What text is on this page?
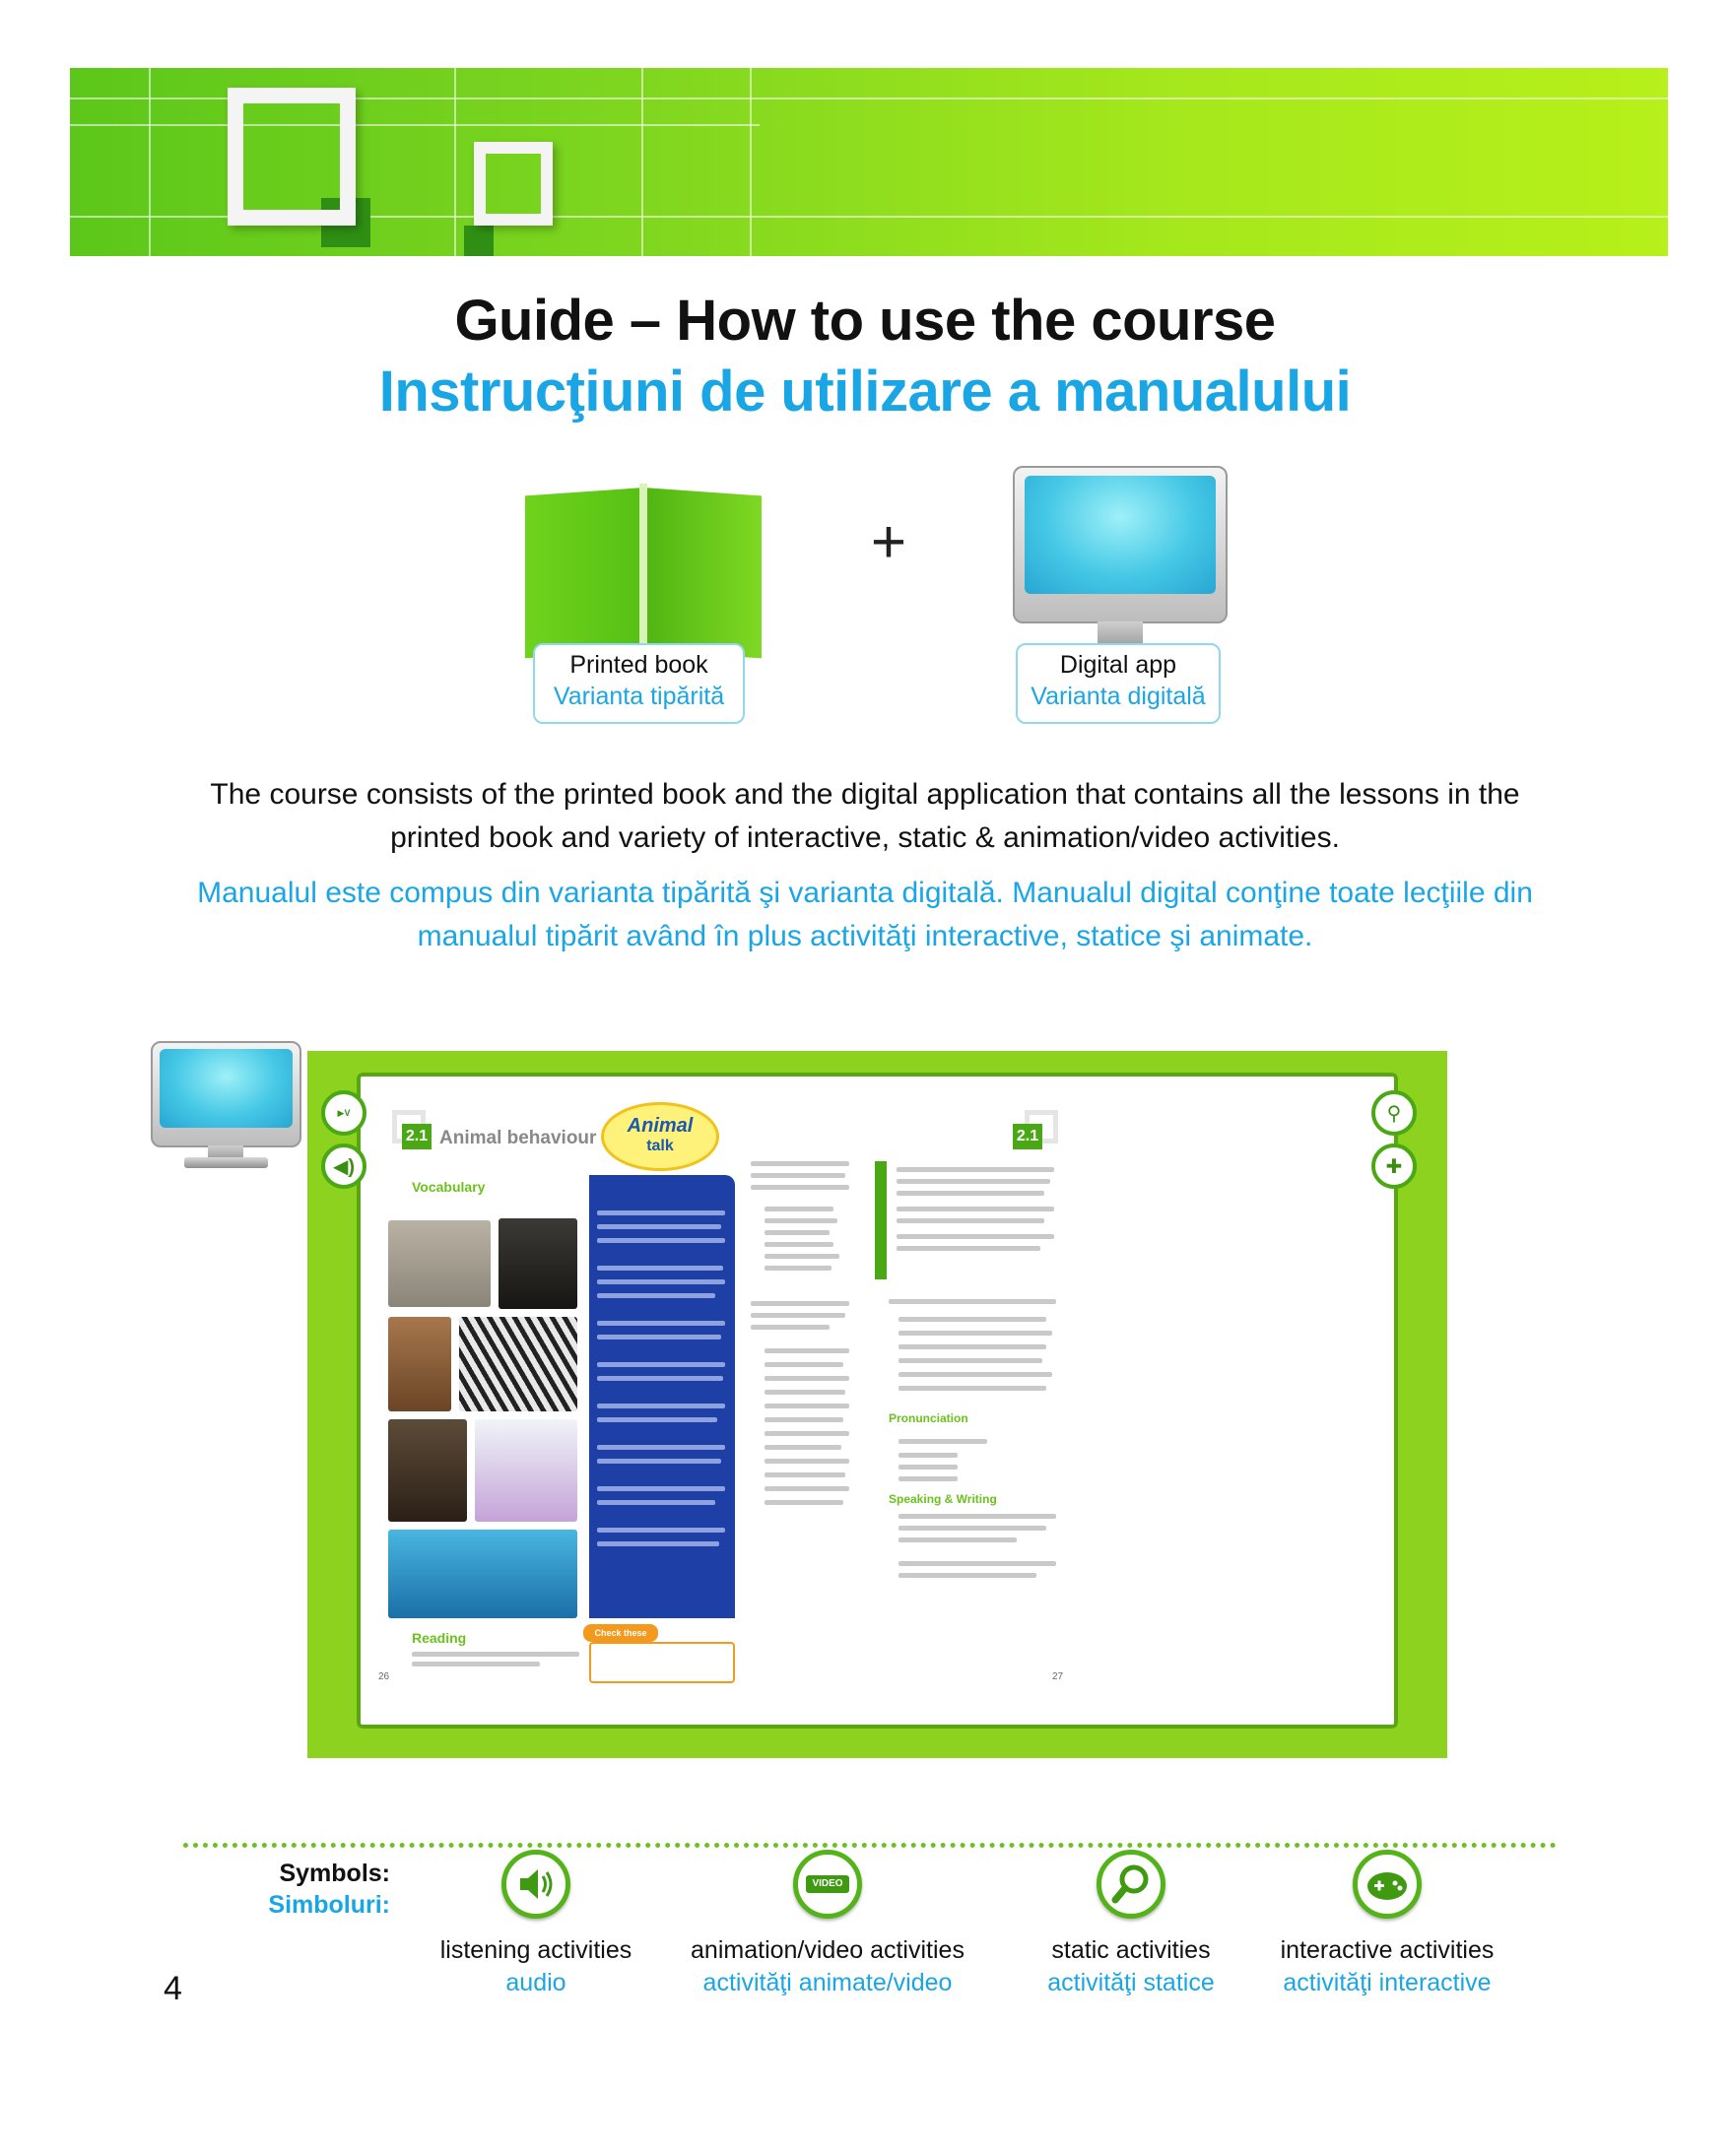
Guide – How to use the course
Instrucţiuni de utilizare a manualului
Printed book
Varianta tipărită
+
Digital app
Varianta digitală
The course consists of the printed book and the digital application that contains all the lessons in the printed book and variety of interactive, static & animation/video activities.
Manualul este compus din varianta tipărită şi varianta digitală. Manualul digital conţine toate lecţiile din manualul tipărit având în plus activităţi interactive, statice şi animate.
2.1 Animal behaviour
Vocabulary
Reading
26
Animal
talk
Check these words
2.1
Pronunciation
Speaking & Writing
27
▶V
◀)
⚲
✚
Symbols:
Simboluri:
listening activities
audio
VIDEO
animation/video activities
activităţi animate/video
static activities
activităţi statice
interactive activities
activităţi interactive
4
